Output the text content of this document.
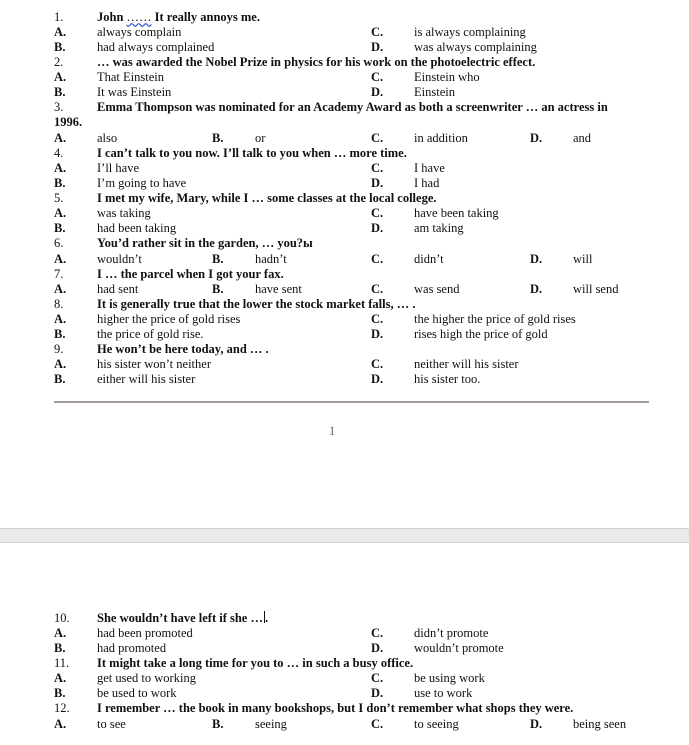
1.	John …… It really annoys me.
A. always complain	C. is always complaining
B.	had always complained	D. was always complaining
2.	… was awarded the Nobel Prize in physics for his work on the photoelectric effect.
A. That Einstein	C. Einstein who
B.	It was Einstein	D. Einstein
3.	Emma Thompson was nominated for an Academy Award as both a screenwriter … an actress in
1996.
A. also	B.	or	C. in addition	D. and
4.	I can’t talk to you now. I’ll talk to you when … more time.
A. I’ll have	C. I have
B.	I’m going to have	D. I had
5.	I met my wife, Mary, while I … some classes at the local college.
A. was taking	C. have been taking
B.	had been taking	D. am taking
6.	You’d rather sit in the garden, … you?ы
A. wouldn’t	B.	hadn’t	C. didn’t	D. will
7.	I … the parcel when I got your fax.
A. had sent	B.	have sent	C. was send	D. will send
8.	It is generally true that the lower the stock market falls, … .
A. higher the price of gold rises	C. the higher the price of gold rises
B.	the price of gold rise.	D. rises high the price of gold
9.	He won’t be here today, and … .
A. his sister won’t neither	C. neither will his sister
B.	either will his sister	D. his sister too.
1
10. She wouldn’t have left if she … .
A. had been promoted	C. didn’t promote
B.	had promoted	D. wouldn’t promote
11. It might take a long time for you to … in such a busy office.
A. get used to working	C. be using work
B.	be used to work	D. use to work
12. I remember … the book in many bookshops, but I don’t remember what shops they were.
A. to see	B.	seeing	C. to seeing	D. being seen
